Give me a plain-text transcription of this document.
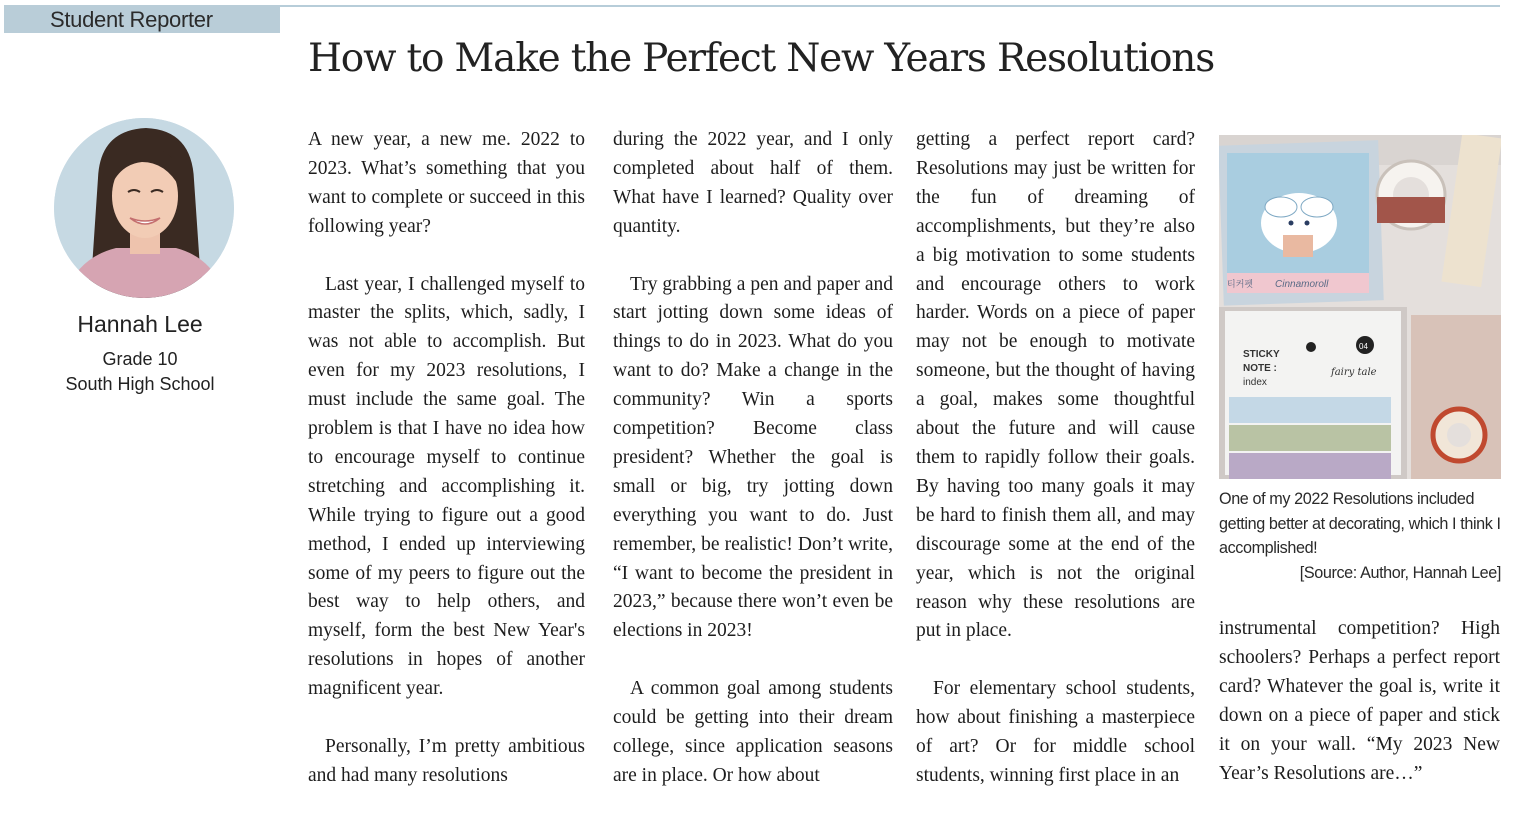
Student Reporter
How to Make the Perfect New Years Resolutions
Hannah Lee
Grade 10
South High School

A new year, a new me. 2022 to 2023. What’s something that you want to complete or succeed in this following year?

Last year, I challenged myself to master the splits, which, sadly, I was not able to accomplish. But even for my 2023 resolutions, I must include the same goal. The problem is that I have no idea how to encourage myself to continue stretching and accomplishing it. While trying to figure out a good method, I ended up interviewing some of my peers to figure out the best way to help others, and myself, form the best New Year's resolutions in hopes of another magnificent year.

Personally, I’m pretty ambitious and had many resolutions

during the 2022 year, and I only completed about half of them. What have I learned? Quality over quantity.

Try grabbing a pen and paper and start jotting down some ideas of things to do in 2023. What do you want to do? Make a change in the community? Win a sports competition? Become class president? Whether the goal is small or big, try jotting down everything you want to do. Just remember, be realistic! Don’t write, “I want to become the president in 2023,” because there won’t even be elections in 2023!

A common goal among students could be getting into their dream college, since application seasons are in place. Or how about

getting a perfect report card? Resolutions may just be written for the fun of dreaming of accomplishments, but they’re also a big motivation to some students and encourage others to work harder. Words on a piece of paper may not be enough to motivate someone, but the thought of having a goal, makes some thoughtful about the future and will cause them to rapidly follow their goals. By having too many goals it may be hard to finish them all, and may discourage some at the end of the year, which is not the original reason why these resolutions are put in place.

For elementary school students, how about finishing a masterpiece of art? Or for middle school students, winning first place in an

티커펫 Cinnamoroll
STICKY
NOTE :
index
04
fairy tale
One of my 2022 Resolutions included getting better at decorating, which I think I accomplished!
[Source: Author, Hannah Lee]

instrumental competition? High schoolers? Perhaps a perfect report card? Whatever the goal is, write it down on a piece of paper and stick it on your wall. “My 2023 New Year’s Resolutions are…”
